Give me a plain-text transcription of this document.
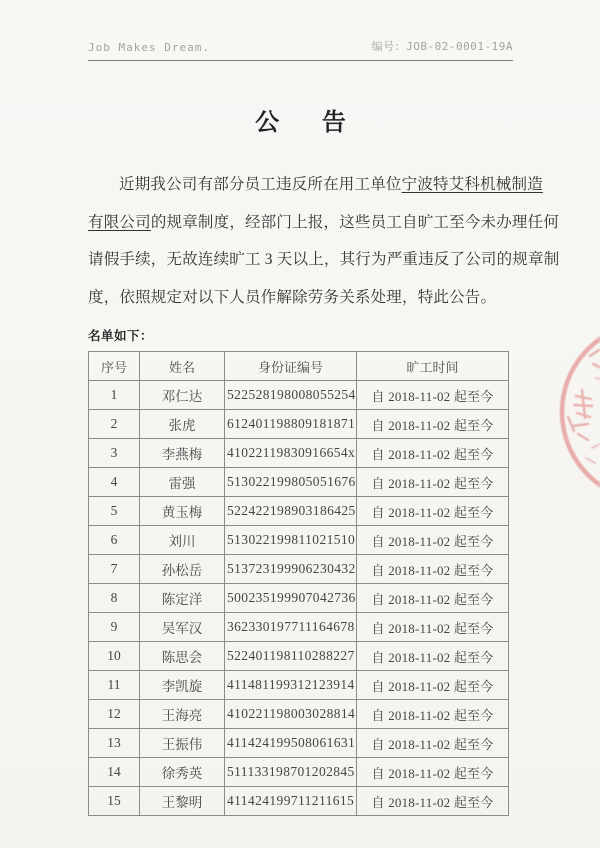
Job Makes Dream.	编号：JOB-02-0001-19A
公 告
近期我公司有部分员工违反所在用工单位宁波特艾科机械制造
有限公司的规章制度，经部门上报，这些员工自旷工至今未办理任何
请假手续，无故连续旷工 3 天以上，其行为严重违反了公司的规章制
度，依照规定对以下人员作解除劳务关系处理，特此公告。
名单如下：
序号	姓名	身份证编号	旷工时间
1	邓仁达	522528198008055254	自 2018-11-02 起至今
2	张虎	612401198809181871	自 2018-11-02 起至今
3	李燕梅	41022119830916654x	自 2018-11-02 起至今
4	雷强	513022199805051676	自 2018-11-02 起至今
5	黄玉梅	522422198903186425	自 2018-11-02 起至今
6	刘川	513022199811021510	自 2018-11-02 起至今
7	孙松岳	513723199906230432	自 2018-11-02 起至今
8	陈定洋	500235199907042736	自 2018-11-02 起至今
9	吴军汉	362330197711164678	自 2018-11-02 起至今
10	陈思会	522401198110288227	自 2018-11-02 起至今
11	李凯旋	411481199312123914	自 2018-11-02 起至今
12	王海亮	410221198003028814	自 2018-11-02 起至今
13	王振伟	411424199508061631	自 2018-11-02 起至今
14	徐秀英	511133198701202845	自 2018-11-02 起至今
15	王黎明	411424199711211615	自 2018-11-02 起至今
